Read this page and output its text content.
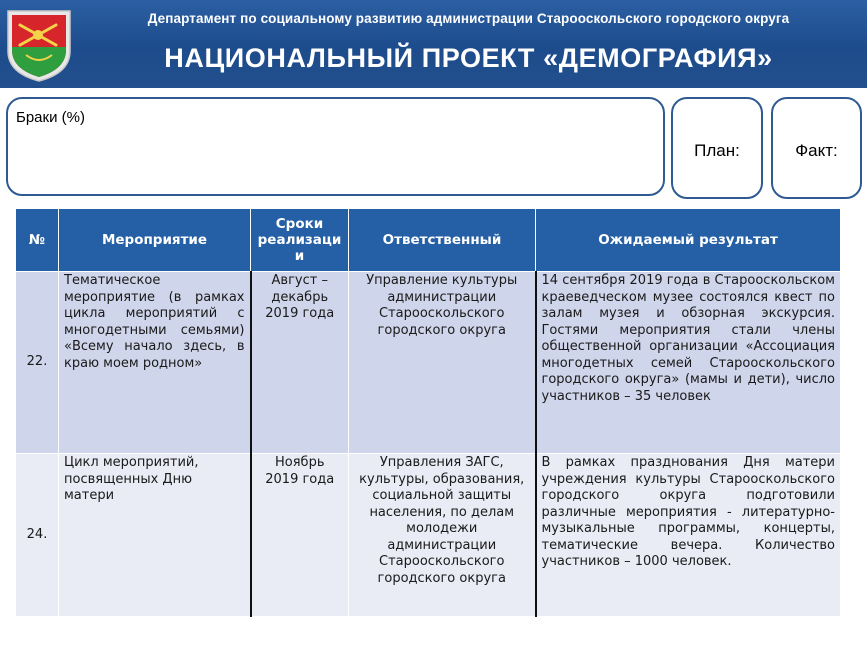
Департамент по социальному развитию администрации Старооскольского городского округа
НАЦИОНАЛЬНЫЙ ПРОЕКТ «ДЕМОГРАФИЯ»
Браки (%)
План:	Факт:
№	Мероприятие	Сроки реализаци и	Ответственный	Ожидаемый результат
22.	Тематическое мероприятие (в рамках цикла мероприятий с многодетными семьями) «Всему начало здесь, в краю моем родном»	Август – декабрь 2019 года	Управление культуры администрации Старооскольского городского округа	14 сентября 2019 года в Старооскольском краеведческом музее состоялся квест по залам музея и обзорная экскурсия. Гостями мероприятия стали члены общественной организации «Ассоциация многодетных семей Старооскольского городского округа» (мамы и дети), число участников – 35 человек
24.	Цикл мероприятий, посвященных Дню матери	Ноябрь 2019 года	Управления ЗАГС, культуры, образования, социальной защиты населения, по делам молодежи администрации Старооскольского городского округа	В рамках празднования Дня матери учреждения культуры Старооскольского городского округа подготовили различные мероприятия - литературно-музыкальные программы, концерты, тематические вечера. Количество участников – 1000 человек.
